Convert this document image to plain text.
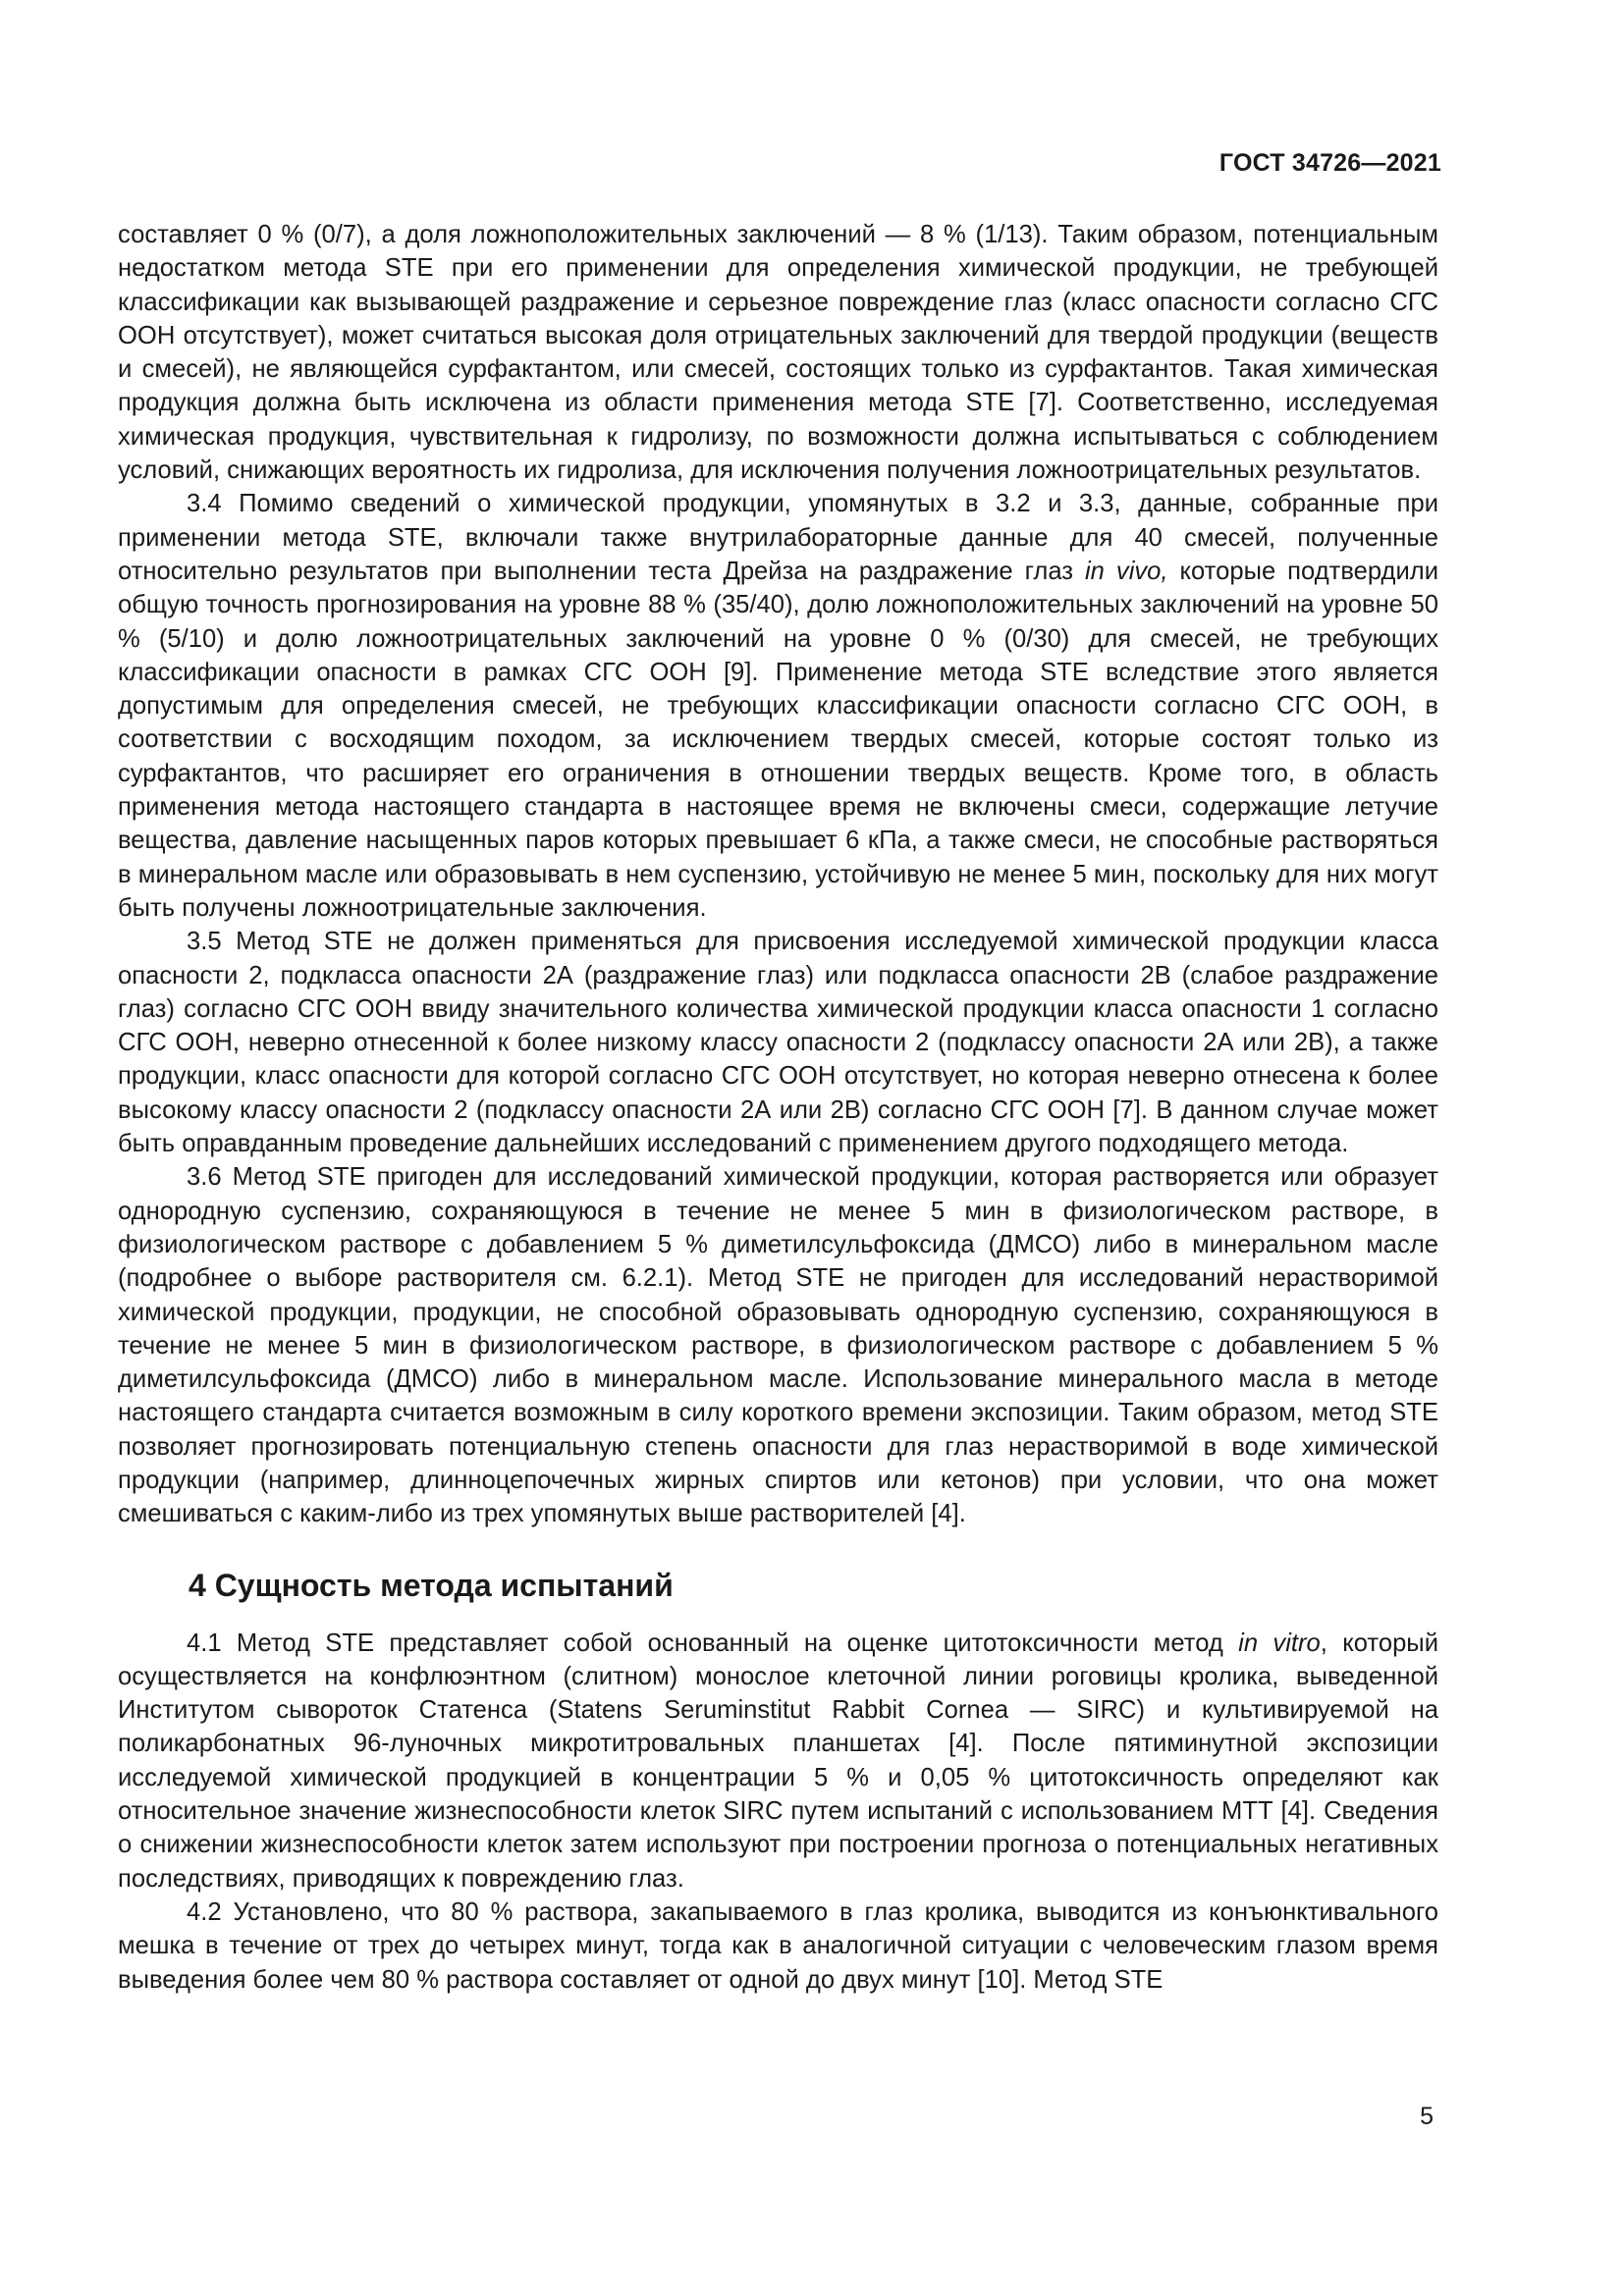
ГОСТ 34726—2021

составляет 0 % (0/7), а доля ложноположительных заключений — 8 % (1/13). Таким образом, потенциальным недостатком метода STE при его применении для определения химической продукции, не требующей классификации как вызывающей раздражение и серьезное повреждение глаз (класс опасности согласно СГС ООН отсутствует), может считаться высокая доля отрицательных заключений для твердой продукции (веществ и смесей), не являющейся сурфактантом, или смесей, состоящих только из сурфактантов. Такая химическая продукция должна быть исключена из области применения метода STE [7]. Соответственно, исследуемая химическая продукция, чувствительная к гидролизу, по возможности должна испытываться с соблюдением условий, снижающих вероятность их гидролиза, для исключения получения ложноотрицательных результатов.

3.4 Помимо сведений о химической продукции, упомянутых в 3.2 и 3.3, данные, собранные при применении метода STE, включали также внутрилабораторные данные для 40 смесей, полученные относительно результатов при выполнении теста Дрейза на раздражение глаз in vivo, которые подтвердили общую точность прогнозирования на уровне 88 % (35/40), долю ложноположительных заключений на уровне 50 % (5/10) и долю ложноотрицательных заключений на уровне 0 % (0/30) для смесей, не требующих классификации опасности в рамках СГС ООН [9]. Применение метода STE вследствие этого является допустимым для определения смесей, не требующих классификации опасности согласно СГС ООН, в соответствии с восходящим походом, за исключением твердых смесей, которые состоят только из сурфактантов, что расширяет его ограничения в отношении твердых веществ. Кроме того, в область применения метода настоящего стандарта в настоящее время не включены смеси, содержащие летучие вещества, давление насыщенных паров которых превышает 6 кПа, а также смеси, не способные растворяться в минеральном масле или образовывать в нем суспензию, устойчивую не менее 5 мин, поскольку для них могут быть получены ложноотрицательные заключения.

3.5 Метод STE не должен применяться для присвоения исследуемой химической продукции класса опасности 2, подкласса опасности 2А (раздражение глаз) или подкласса опасности 2В (слабое раздражение глаз) согласно СГС ООН ввиду значительного количества химической продукции класса опасности 1 согласно СГС ООН, неверно отнесенной к более низкому классу опасности 2 (подклассу опасности 2А или 2В), а также продукции, класс опасности для которой согласно СГС ООН отсутствует, но которая неверно отнесена к более высокому классу опасности 2 (подклассу опасности 2А или 2В) согласно СГС ООН [7]. В данном случае может быть оправданным проведение дальнейших исследований с применением другого подходящего метода.

3.6 Метод STE пригоден для исследований химической продукции, которая растворяется или образует однородную суспензию, сохраняющуюся в течение не менее 5 мин в физиологическом растворе, в физиологическом растворе с добавлением 5 % диметилсульфоксида (ДМСО) либо в минеральном масле (подробнее о выборе растворителя см. 6.2.1). Метод STE не пригоден для исследований нерастворимой химической продукции, продукции, не способной образовывать однородную суспензию, сохраняющуюся в течение не менее 5 мин в физиологическом растворе, в физиологическом растворе с добавлением 5 % диметилсульфоксида (ДМСО) либо в минеральном масле. Использование минерального масла в методе настоящего стандарта считается возможным в силу короткого времени экспозиции. Таким образом, метод STE позволяет прогнозировать потенциальную степень опасности для глаз нерастворимой в воде химической продукции (например, длинноцепочечных жирных спиртов или кетонов) при условии, что она может смешиваться с каким-либо из трех упомянутых выше растворителей [4].

4 Сущность метода испытаний

4.1 Метод STE представляет собой основанный на оценке цитотоксичности метод in vitro, который осуществляется на конфлюэнтном (слитном) монослое клеточной линии роговицы кролика, выведенной Институтом сывороток Статенса (Statens Seruminstitut Rabbit Cornea — SIRC) и культивируемой на поликарбонатных 96-луночных микротитровальных планшетах [4]. После пятиминутной экспозиции исследуемой химической продукцией в концентрации 5 % и 0,05 % цитотоксичность определяют как относительное значение жизнеспособности клеток SIRC путем испытаний с использованием МТТ [4]. Сведения о снижении жизнеспособности клеток затем используют при построении прогноза о потенциальных негативных последствиях, приводящих к повреждению глаз.

4.2 Установлено, что 80 % раствора, закапываемого в глаз кролика, выводится из конъюнктивального мешка в течение от трех до четырех минут, тогда как в аналогичной ситуации с человеческим глазом время выведения более чем 80 % раствора составляет от одной до двух минут [10]. Метод STE

5
